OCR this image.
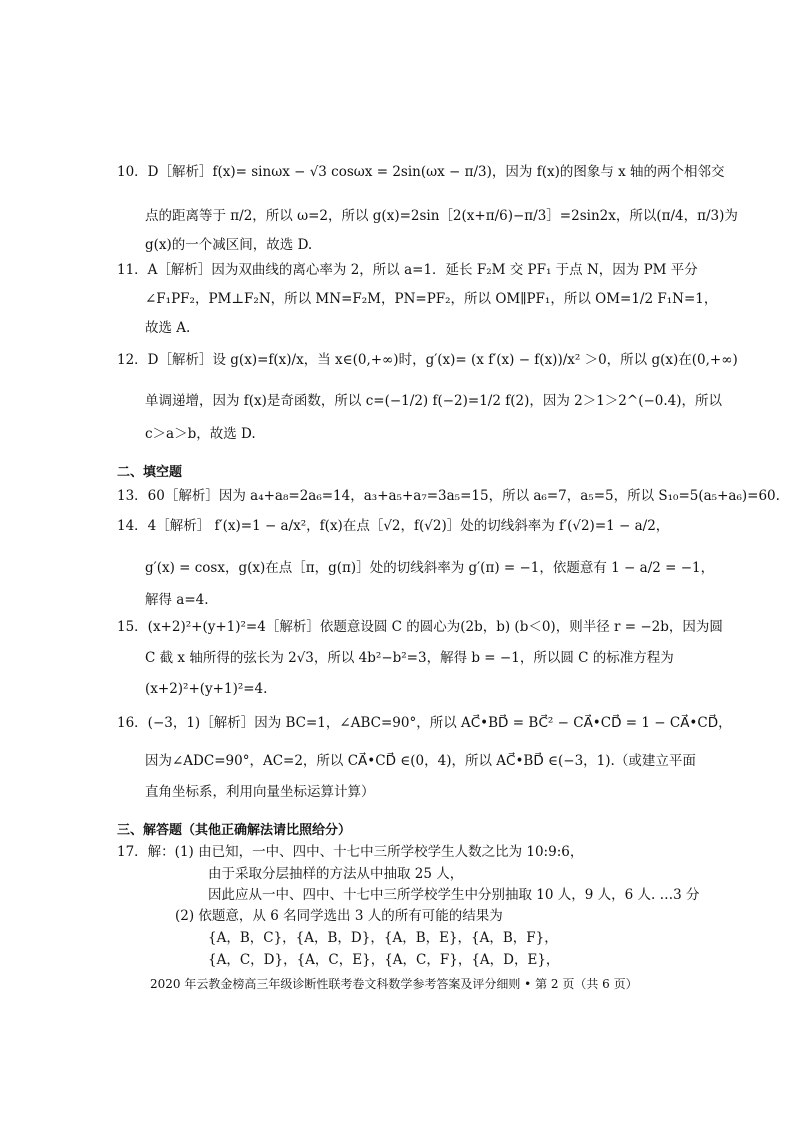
10．D［解析］f(x)= sinωx − √3 cosωx = 2sin(ωx − π/3)，因为 f(x)的图象与 x 轴的两个相邻交
点的距离等于 π/2，所以 ω=2，所以 g(x)=2sin［2(x+π/6)−π/3］=2sin2x，所以(π/4，π/3)为
g(x)的一个减区间，故选 D.
11．A［解析］因为双曲线的离心率为 2，所以 a=1．延长 F₂M 交 PF₁ 于点 N，因为 PM 平分
∠F₁PF₂，PM⊥F₂N，所以 MN=F₂M，PN=PF₂，所以 OM∥PF₁，所以 OM=1/2 F₁N=1，
故选 A.
12．D［解析］设 g(x)=f(x)/x，当 x∈(0,+∞)时，g′(x)= (x f′(x) − f(x))/x² ＞0，所以 g(x)在(0,+∞)
单调递增，因为 f(x)是奇函数，所以 c=(−1/2) f(−2)=1/2 f(2)，因为 2＞1＞2^(−0.4)，所以
c＞a＞b，故选 D.
二、填空题
13．60［解析］因为 a₄+a₈=2a₆=14，a₃+a₅+a₇=3a₅=15，所以 a₆=7，a₅=5，所以 S₁₀=5(a₅+a₆)=60.
14．4［解析］ f′(x)=1 − a/x²，f(x)在点［√2，f(√2)］处的切线斜率为 f′(√2)=1 − a/2，
g′(x) = cosx，g(x)在点［π，g(π)］处的切线斜率为 g′(π) = −1，依题意有 1 − a/2 = −1，
解得 a=4.
15．(x+2)²+(y+1)²=4［解析］依题意设圆 C 的圆心为(2b，b) (b＜0)，则半径 r = −2b，因为圆
C 截 x 轴所得的弦长为 2√3，所以 4b²−b²=3，解得 b = −1，所以圆 C 的标准方程为
(x+2)²+(y+1)²=4.
16．(−3，1)［解析］因为 BC=1，∠ABC=90°，所以 AC⃗•BD⃗ = BC⃗² − CA⃗•CD⃗ = 1 − CA⃗•CD⃗，
因为∠ADC=90°，AC=2，所以 CA⃗•CD⃗ ∈(0，4)，所以 AC⃗•BD⃗ ∈(−3，1).（或建立平面
直角坐标系，利用向量坐标运算计算）
三、解答题（其他正确解法请比照给分）
17．解：(1) 由已知，一中、四中、十七中三所学校学生人数之比为 10:9:6，
由于采取分层抽样的方法从中抽取 25 人，
因此应从一中、四中、十七中三所学校学生中分别抽取 10 人，9 人，6 人. …3 分
(2) 依题意，从 6 名同学选出 3 人的所有可能的结果为
{A，B，C}，{A，B，D}，{A，B，E}，{A，B，F}，
{A，C，D}，{A，C，E}，{A，C，F}，{A，D，E}，
2020 年云教金榜高三年级诊断性联考卷文科数学参考答案及评分细则 • 第 2 页（共 6 页）
